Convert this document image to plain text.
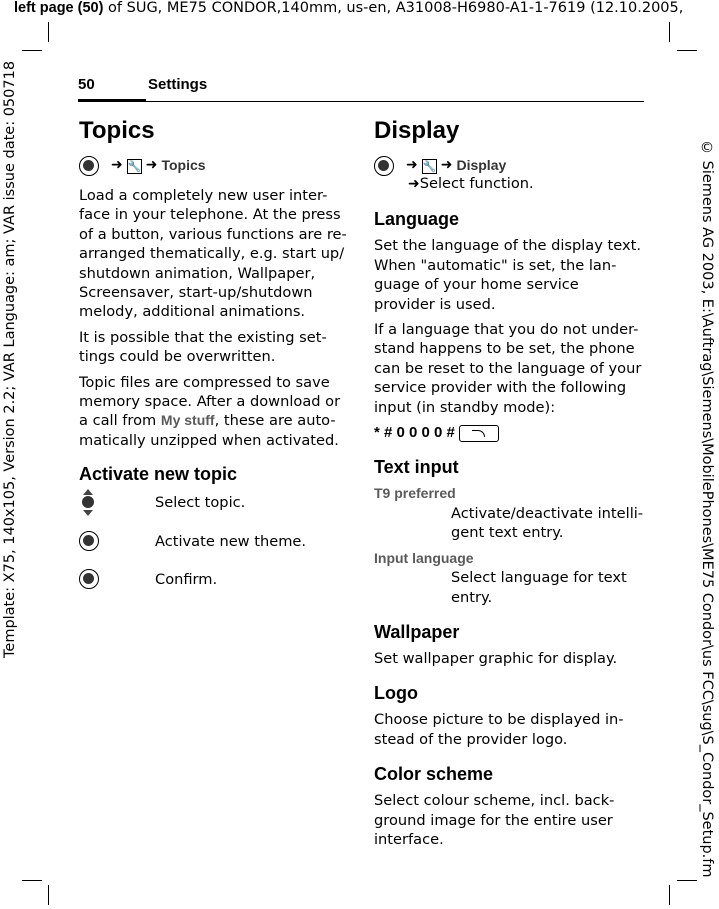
left page (50) of SUG, ME75 CONDOR,140mm, us-en, A31008-H6980-A1-1-7619 (12.10.2005,
Template: X75, 140x105, Version 2.2; VAR Language: am; VAR issue date: 050718	© Siemens AG 2003, E:\Auftrag\Siemens\MobilePhones\ME75 Condor\us FCC\sug\S_Condor_Setup.fm
50	Settings
Topics
➜ 🔧 ➜ Topics

Load a completely new user inter-face in your telephone. At the press of a button, various functions are re-arranged thematically, e.g. start up/ shutdown animation, Wallpaper, Screensaver, start-up/shutdown melody, additional animations.

It is possible that the existing set-tings could be overwritten.

Topic files are compressed to save memory space. After a download or a call from My stuff, these are auto-matically unzipped when activated.

Activate new topic
Select topic.
Activate new theme.
Confirm.
Display
➜ 🔧 ➜ Display
➜Select function.
Language

Set the language of the display text. When "automatic" is set, the lan-guage of your home service provider is used.

If a language that you do not under-stand happens to be set, the phone can be reset to the language of your service provider with the following input (in standby mode):

* # 0 0 0 0 #
Text input
T9 preferred

Activate/deactivate intelli-gent text entry.

Input language

Select language for text entry.

Wallpaper

Set wallpaper graphic for display.

Logo

Choose picture to be displayed in-stead of the provider logo.

Color scheme

Select colour scheme, incl. back-ground image for the entire user interface.
